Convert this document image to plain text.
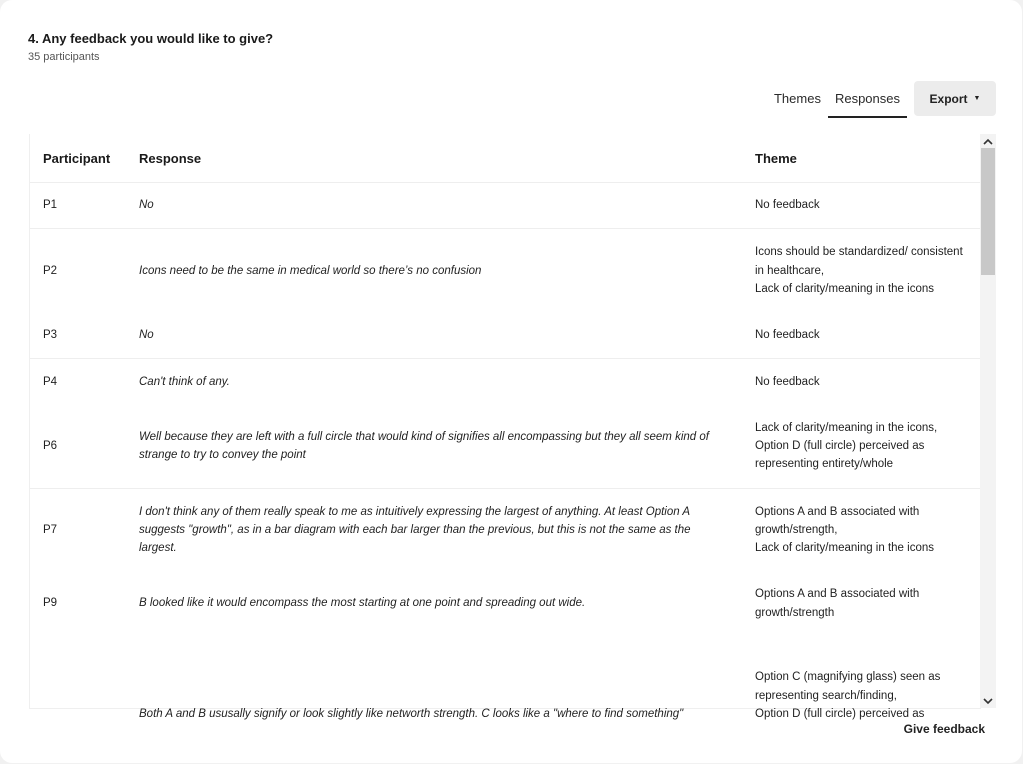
4. Any feedback you would like to give?
35 participants
Themes	Responses	Export ▼
Participant	Response	Theme
P1	No	No feedback

P2	Icons need to be the same in medical world so there’s no confusion	Icons should be standardized/ consistent in healthcare,
Lack of clarity/meaning in the icons

P3	No	No feedback

P4	Can't think of any.	No feedback

P6	Well because they are left with a full circle that would kind of signifies all encompassing but they all seem kind of strange to try to convey the point	Lack of clarity/meaning in the icons,
Option D (full circle) perceived as representing entirety/whole

P7	I don't think any of them really speak to me as intuitively expressing the largest of anything. At least Option A suggests "growth", as in a bar diagram with each bar larger than the previous, but this is not the same as the largest.	Options A and B associated with growth/strength,
Lack of clarity/meaning in the icons

P9	B looked like it would encompass the most starting at one point and spreading out wide.	Options A and B associated with growth/strength

	Both A and B ususally signify or look slightly like networth strength. C looks like a "where to find something"	Option C (magnifying glass) seen as representing search/finding,
Option D (full circle) perceived as
Give feedback
